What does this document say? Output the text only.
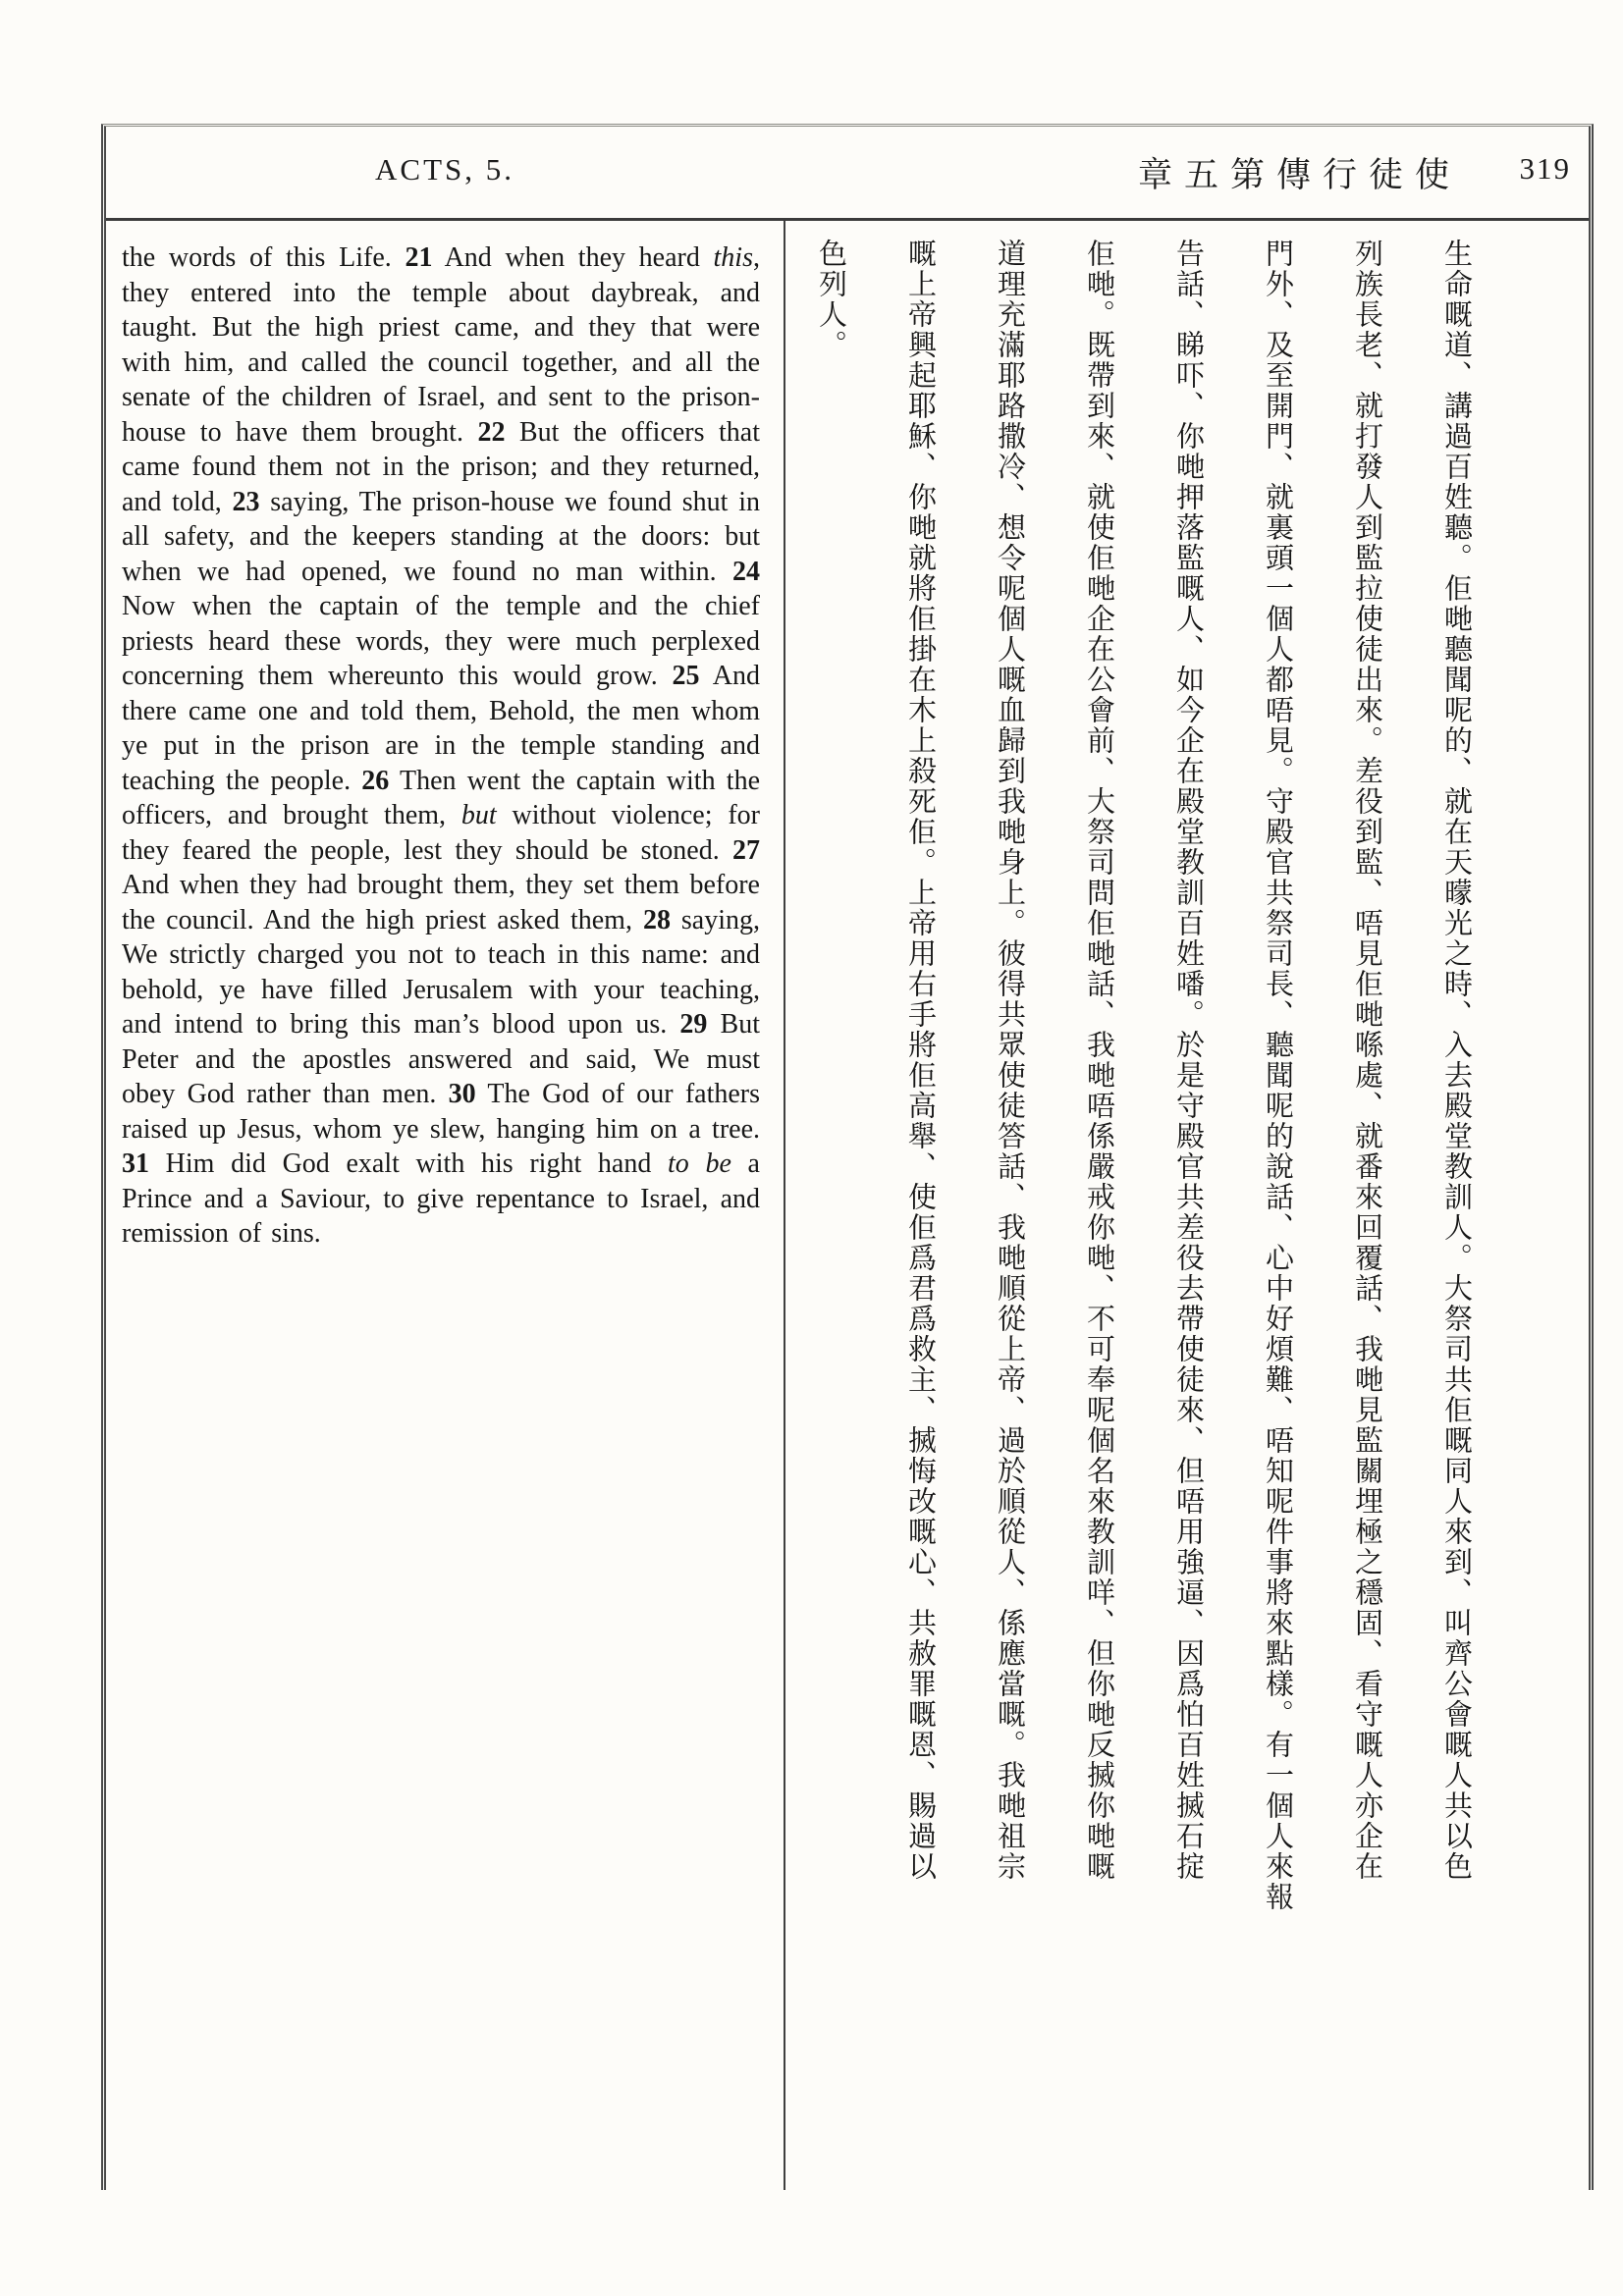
ACTS, 5.	章五第傳行徒使 319
the words of this Life. 21 And when they heard this, they entered into the temple about daybreak, and taught. But the high priest came, and they that were with him, and called the council together, and all the senate of the children of Israel, and sent to the prison-house to have them brought. 22 But the officers that came found them not in the prison; and they returned, and told, 23 saying, The prison-house we found shut in all safety, and the keepers standing at the doors: but when we had opened, we found no man within. 24 Now when the captain of the temple and the chief priests heard these words, they were much perplexed concerning them whereunto this would grow. 25 And there came one and told them, Behold, the men whom ye put in the prison are in the temple standing and teaching the people. 26 Then went the captain with the officers, and brought them, but without violence; for they feared the people, lest they should be stoned. 27 And when they had brought them, they set them before the council. And the high priest asked them, 28 saying, We strictly charged you not to teach in this name: and behold, ye have filled Jerusalem with your teaching, and intend to bring this man’s blood upon us. 29 But Peter and the apostles answered and said, We must obey God rather than men. 30 The God of our fathers raised up Jesus, whom ye slew, hanging him on a tree. 31 Him did God exalt with his right hand to be a Prince and a Saviour, to give repentance to Israel, and remission of sins.	生命嘅道、講過百姓聽。佢哋聽聞呢的、就在天曚光之時、入去殿堂教訓人。大祭司共佢嘅同人來到、叫齊公會嘅人共以色
列族長老、就打發人到監拉使徒出來。差役到監、唔見佢哋喺處、就番來回覆話、我哋見監關埋極之穩固、看守嘅人亦企在
門外、及至開門、就裏頭一個人都唔見。守殿官共祭司長、聽聞呢的說話、心中好煩難、唔知呢件事將來點樣。有一個人來報
告話、睇吓、你哋押落監嘅人、如今企在殿堂教訓百姓噃。於是守殿官共差役去帶使徒來、但唔用強逼、因爲怕百姓搣石掟
佢哋。既帶到來、就使佢哋企在公會前、大祭司問佢哋話、我哋唔係嚴戒你哋、不可奉呢個名來教訓咩、但你哋反搣你哋嘅
道理充滿耶路撒冷、想令呢個人嘅血歸到我哋身上。彼得共眾使徒答話、我哋順從上帝、過於順從人、係應當嘅。我哋祖宗
嘅上帝興起耶穌、你哋就將佢掛在木上殺死佢。上帝用右手將佢高舉、使佢爲君爲救主、搣悔改嘅心、共赦罪嘅恩、賜過以
色列人。
